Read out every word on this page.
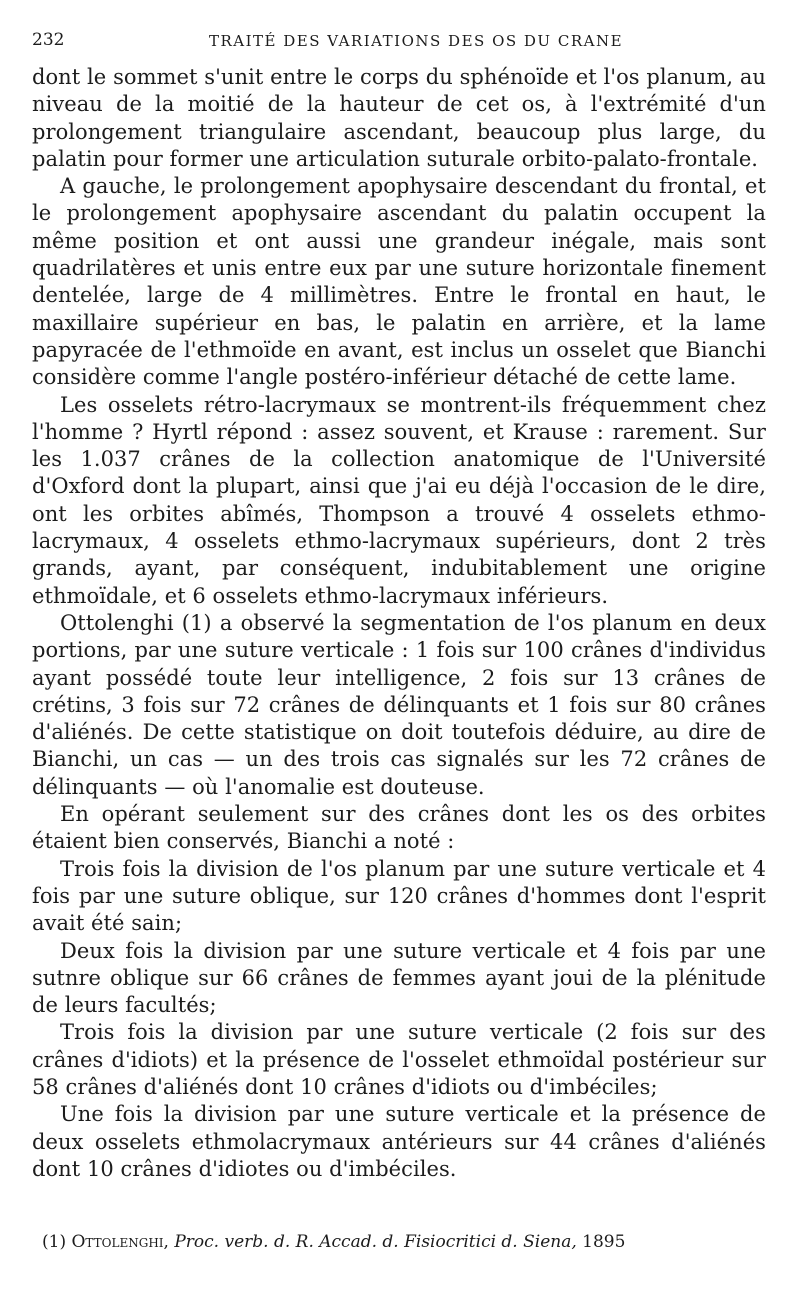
232	TRAITÉ DES VARIATIONS DES OS DU CRANE

dont le sommet s'unit entre le corps du sphénoïde et l'os planum, au niveau de la moitié de la hauteur de cet os, à l'extrémité d'un prolongement triangulaire ascendant, beaucoup plus large, du palatin pour former une articulation suturale orbito-palato-frontale.

A gauche, le prolongement apophysaire descendant du frontal, et le prolongement apophysaire ascendant du palatin occupent la même position et ont aussi une grandeur inégale, mais sont quadrilatères et unis entre eux par une suture horizontale finement dentelée, large de 4 millimètres. Entre le frontal en haut, le maxillaire supérieur en bas, le palatin en arrière, et la lame papyracée de l'ethmoïde en avant, est inclus un osselet que Bianchi considère comme l'angle postéro-inférieur détaché de cette lame.

Les osselets rétro-lacrymaux se montrent-ils fréquemment chez l'homme ? Hyrtl répond : assez souvent, et Krause : rarement. Sur les 1.037 crânes de la collection anatomique de l'Université d'Oxford dont la plupart, ainsi que j'ai eu déjà l'occasion de le dire, ont les orbites abîmés, Thompson a trouvé 4 osselets ethmo-lacrymaux, 4 osselets ethmo-lacrymaux supérieurs, dont 2 très grands, ayant, par conséquent, indubitablement une origine ethmoïdale, et 6 osselets ethmo-lacrymaux inférieurs.

Ottolenghi (1) a observé la segmentation de l'os planum en deux portions, par une suture verticale : 1 fois sur 100 crânes d'individus ayant possédé toute leur intelligence, 2 fois sur 13 crânes de crétins, 3 fois sur 72 crânes de délinquants et 1 fois sur 80 crânes d'aliénés. De cette statistique on doit toutefois déduire, au dire de Bianchi, un cas — un des trois cas signalés sur les 72 crânes de délinquants — où l'anomalie est douteuse.

En opérant seulement sur des crânes dont les os des orbites étaient bien conservés, Bianchi a noté :

Trois fois la division de l'os planum par une suture verticale et 4 fois par une suture oblique, sur 120 crânes d'hommes dont l'esprit avait été sain;

Deux fois la division par une suture verticale et 4 fois par une sutnre oblique sur 66 crânes de femmes ayant joui de la plénitude de leurs facultés;

Trois fois la division par une suture verticale (2 fois sur des crânes d'idiots) et la présence de l'osselet ethmoïdal postérieur sur 58 crânes d'aliénés dont 10 crânes d'idiots ou d'imbéciles;

Une fois la division par une suture verticale et la présence de deux osselets ethmolacrymaux antérieurs sur 44 crânes d'aliénés dont 10 crânes d'idiotes ou d'imbéciles.

(1) Ottolenghi, Proc. verb. d. R. Accad. d. Fisiocritici d. Siena, 1895
